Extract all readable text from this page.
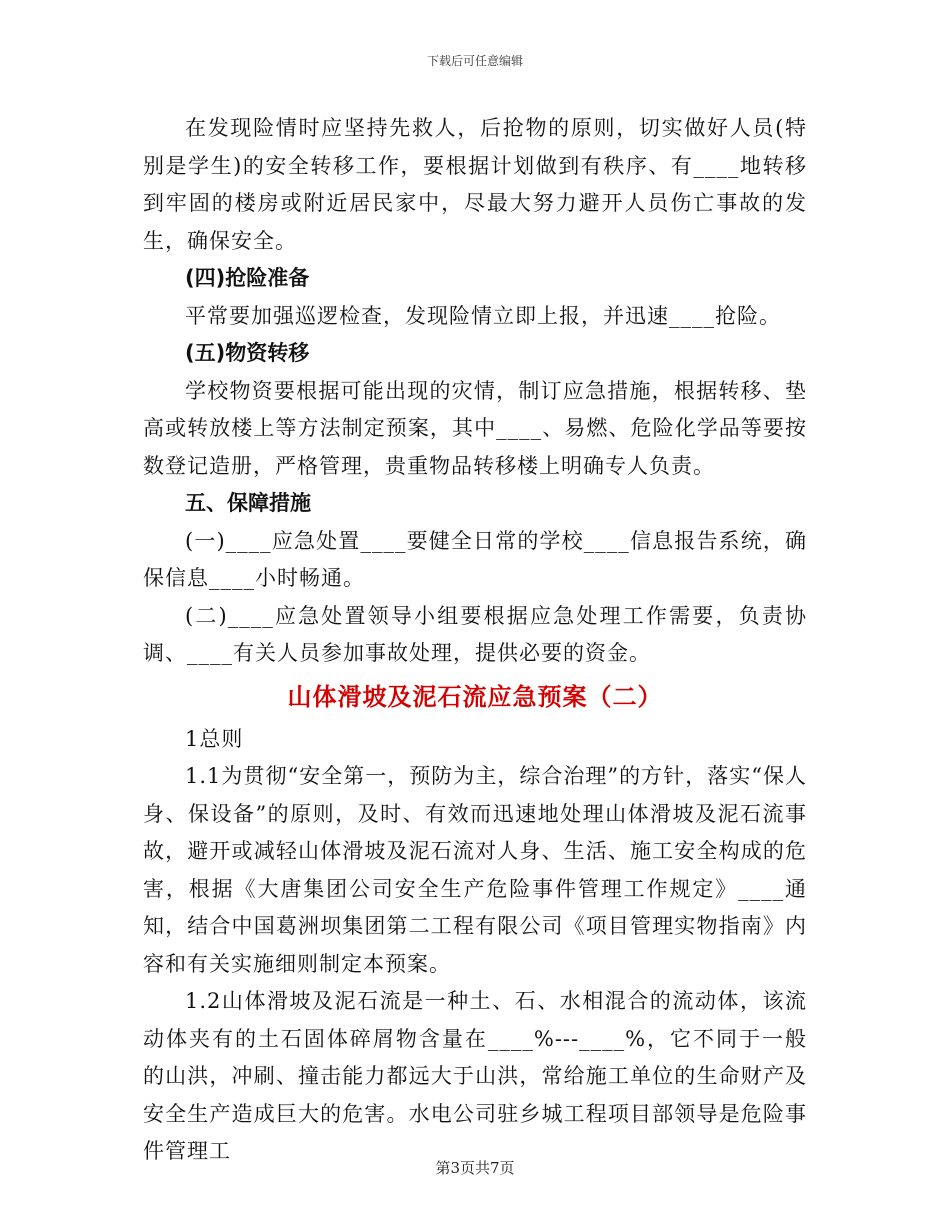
下载后可任意编辑

在发现险情时应坚持先救人，后抢物的原则，切实做好人员(特别是学生)的安全转移工作，要根据计划做到有秩序、有____地转移到牢固的楼房或附近居民家中，尽最大努力避开人员伤亡事故的发生，确保安全。

(四)抢险准备

平常要加强巡逻检查，发现险情立即上报，并迅速____抢险。

(五)物资转移

学校物资要根据可能出现的灾情，制订应急措施，根据转移、垫高或转放楼上等方法制定预案，其中____、易燃、危险化学品等要按数登记造册，严格管理，贵重物品转移楼上明确专人负责。

五、保障措施

(一)____应急处置____要健全日常的学校____信息报告系统，确保信息____小时畅通。

(二)____应急处置领导小组要根据应急处理工作需要，负责协调、____有关人员参加事故处理，提供必要的资金。

山体滑坡及泥石流应急预案（二）

1总则

1.1为贯彻“安全第一，预防为主，综合治理”的方针，落实“保人身、保设备”的原则，及时、有效而迅速地处理山体滑坡及泥石流事故，避开或减轻山体滑坡及泥石流对人身、生活、施工安全构成的危害，根据《大唐集团公司安全生产危险事件管理工作规定》____通知，结合中国葛洲坝集团第二工程有限公司《项目管理实物指南》内容和有关实施细则制定本预案。

1.2山体滑坡及泥石流是一种土、石、水相混合的流动体，该流动体夹有的土石固体碎屑物含量在____%---____%，它不同于一般的山洪，冲刷、撞击能力都远大于山洪，常给施工单位的生命财产及安全生产造成巨大的危害。水电公司驻乡城工程项目部领导是危险事件管理工

第3页共7页
